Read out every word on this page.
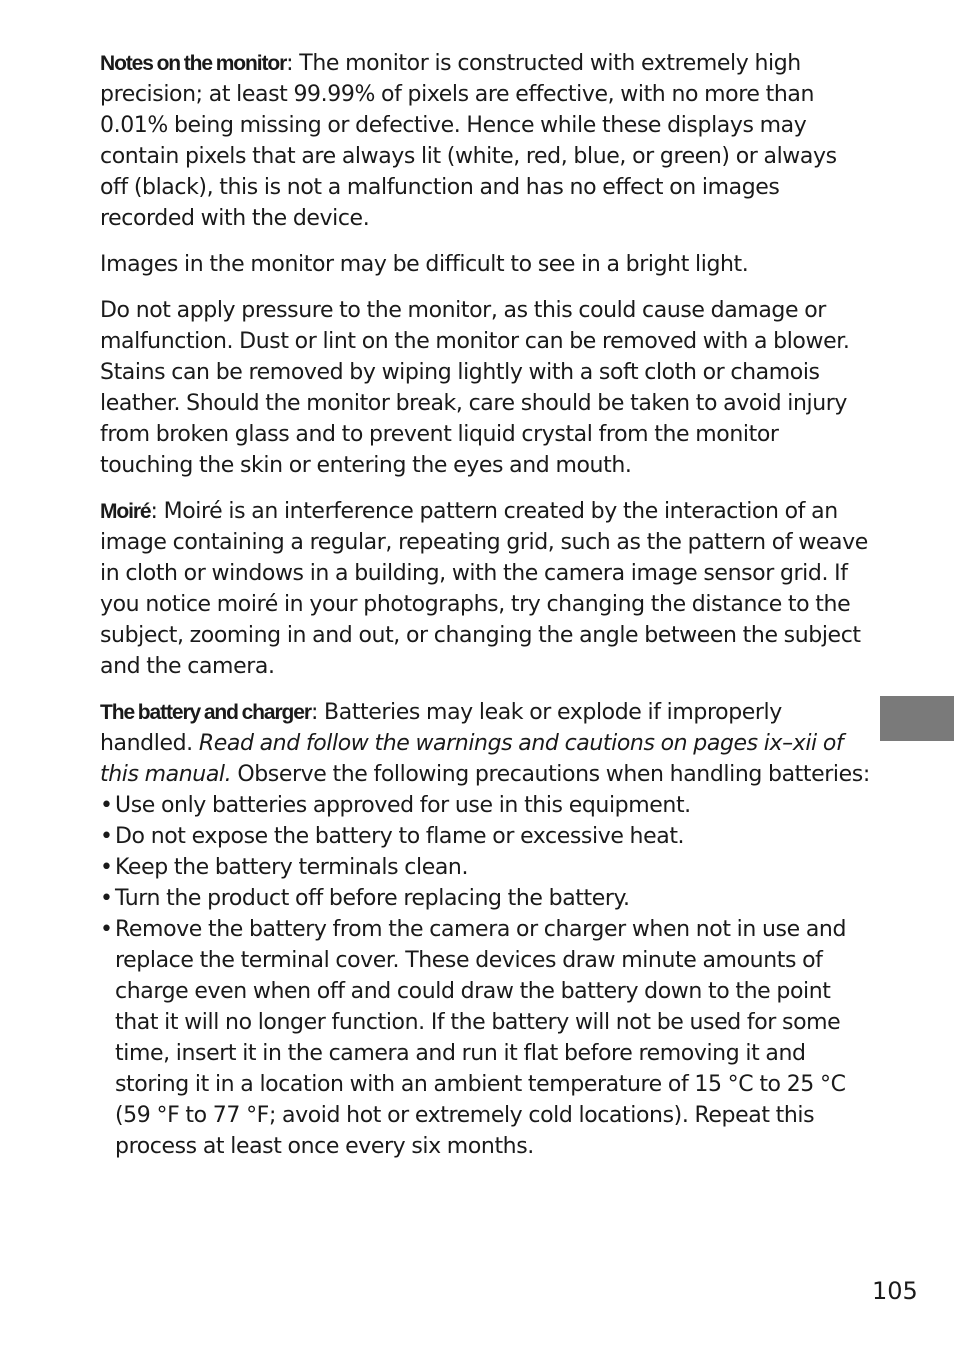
Notes on the monitor: The monitor is constructed with extremely high precision; at least 99.99% of pixels are effective, with no more than 0.01% being missing or defective. Hence while these displays may contain pixels that are always lit (white, red, blue, or green) or always off (black), this is not a malfunction and has no effect on images recorded with the device.

Images in the monitor may be difficult to see in a bright light.

Do not apply pressure to the monitor, as this could cause damage or malfunction. Dust or lint on the monitor can be removed with a blower. Stains can be removed by wiping lightly with a soft cloth or chamois leather. Should the monitor break, care should be taken to avoid injury from broken glass and to prevent liquid crystal from the monitor touching the skin or entering the eyes and mouth.

Moiré: Moiré is an interference pattern created by the interaction of an image containing a regular, repeating grid, such as the pattern of weave in cloth or windows in a building, with the camera image sensor grid. If you notice moiré in your photographs, try changing the distance to the subject, zooming in and out, or changing the angle between the subject and the camera.

The battery and charger: Batteries may leak or explode if improperly handled. Read and follow the warnings and cautions on pages ix–xii of this manual. Observe the following precautions when handling batteries:

• Use only batteries approved for use in this equipment.
• Do not expose the battery to flame or excessive heat.
• Keep the battery terminals clean.
• Turn the product off before replacing the battery.
• Remove the battery from the camera or charger when not in use and replace the terminal cover. These devices draw minute amounts of charge even when off and could draw the battery down to the point that it will no longer function. If the battery will not be used for some time, insert it in the camera and run it flat before removing it and storing it in a location with an ambient temperature of 15 °C to 25 °C (59 °F to 77 °F; avoid hot or extremely cold locations). Repeat this process at least once every six months.
105
